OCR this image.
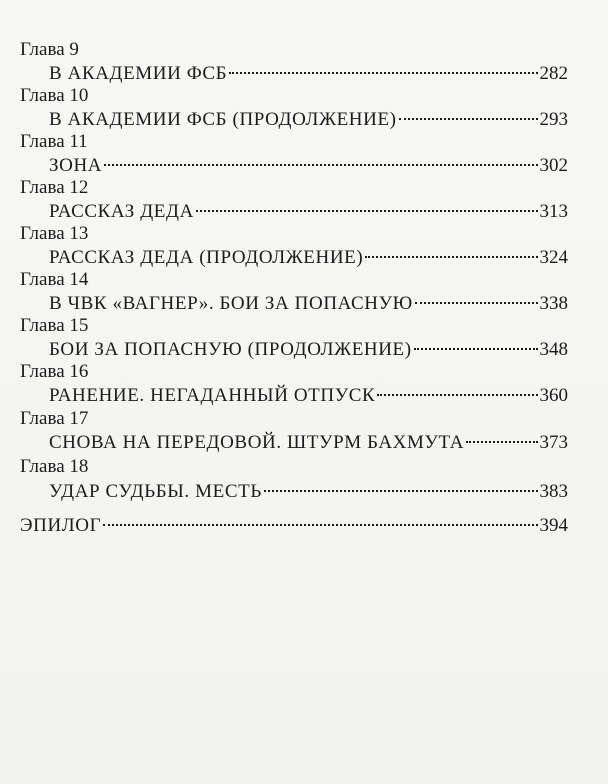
Глава 9
В АКАДЕМИИ ФСБ	282
Глава 10
В АКАДЕМИИ ФСБ (ПРОДОЛЖЕНИЕ)	293
Глава 11
ЗОНА	302
Глава 12
РАССКАЗ ДЕДА	313
Глава 13
РАССКАЗ ДЕДА (ПРОДОЛЖЕНИЕ)	324
Глава 14
В ЧВК «ВАГНЕР». БОИ ЗА ПОПАСНУЮ	338
Глава 15
БОИ ЗА ПОПАСНУЮ (ПРОДОЛЖЕНИЕ)	348
Глава 16
РАНЕНИЕ. НЕГАДАННЫЙ ОТПУСК	360
Глава 17
СНОВА НА ПЕРЕДОВОЙ. ШТУРМ БАХМУТА	373
Глава 18
УДАР СУДЬБЫ. МЕСТЬ	383
ЭПИЛОГ	394
